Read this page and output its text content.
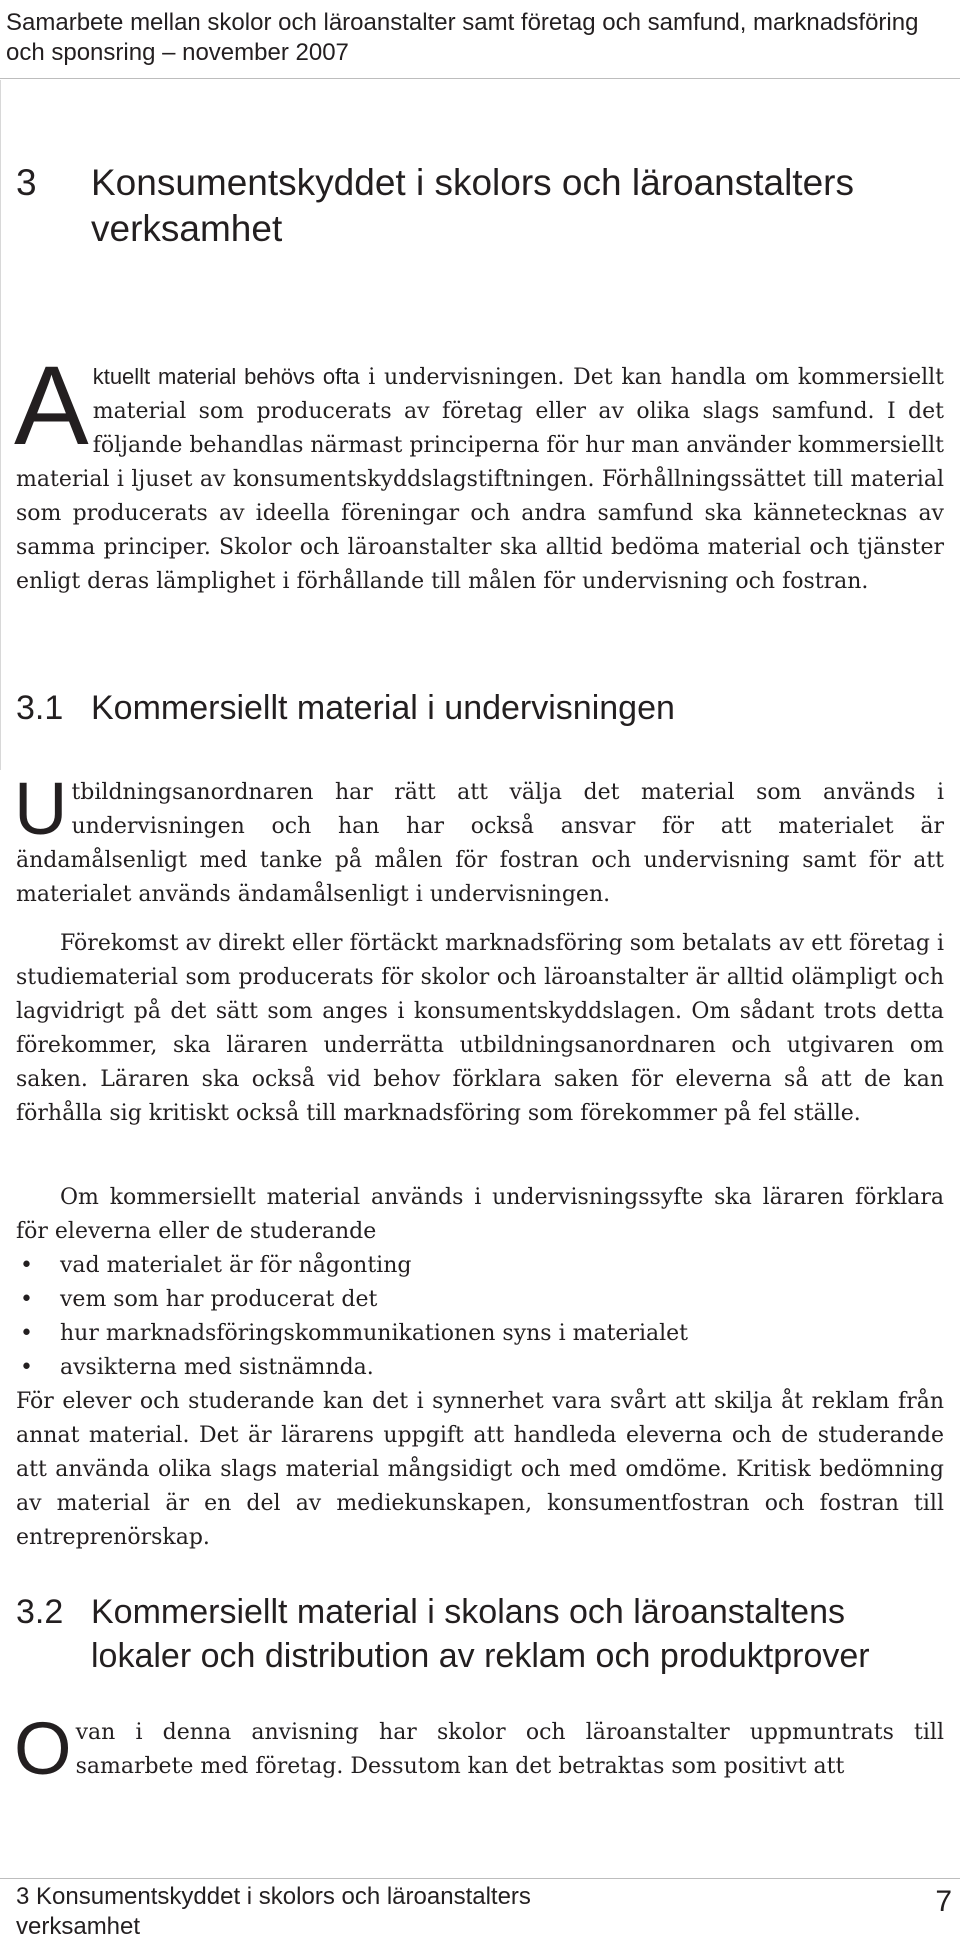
Samarbete mellan skolor och läroanstalter samt företag och samfund, marknadsföring och sponsring – november 2007
3 Konsumentskyddet i skolors och läroanstalters verksamhet

Aktuellt material behövs ofta i undervisningen. Det kan handla om kommersiellt material som producerats av företag eller av olika slags samfund. I det följande behandlas närmast principerna för hur man använder kommersiellt material i ljuset av konsumentskyddslagstiftningen. Förhållningssättet till material som producerats av ideella föreningar och andra samfund ska kännetecknas av samma principer. Skolor och läroanstalter ska alltid bedöma material och tjänster enligt deras lämplighet i förhållande till målen för undervisning och fostran.

3.1 Kommersiellt material i undervisningen

Utbildningsanordnaren har rätt att välja det material som används i undervisningen och han har också ansvar för att materialet är ändamålsenligt med tanke på målen för fostran och undervisning samt för att materialet används ändamålsenligt i undervisningen.

Förekomst av direkt eller förtäckt marknadsföring som betalats av ett företag i studiematerial som producerats för skolor och läroanstalter är alltid olämpligt och lagvidrigt på det sätt som anges i konsumentskyddslagen. Om sådant trots detta förekommer, ska läraren underrätta utbildningsanordnaren och utgivaren om saken. Läraren ska också vid behov förklara saken för eleverna så att de kan förhålla sig kritiskt också till marknadsföring som förekommer på fel ställe.

Om kommersiellt material används i undervisningssyfte ska läraren förklara för eleverna eller de studerande

• vad materialet är för någonting
• vem som har producerat det
• hur marknadsföringskommunikationen syns i materialet
• avsikterna med sistnämnda.

För elever och studerande kan det i synnerhet vara svårt att skilja åt reklam från annat material. Det är lärarens uppgift att handleda eleverna och de studerande att använda olika slags material mångsidigt och med omdöme. Kritisk bedömning av material är en del av mediekunskapen, konsumentfostran och fostran till entreprenörskap.

3.2 Kommersiellt material i skolans och läroanstaltens lokaler och distribution av reklam och produktprover

Ovan i denna anvisning har skolor och läroanstalter uppmuntrats till samarbete med företag. Dessutom kan det betraktas som positivt att

3 Konsumentskyddet i skolors och läroanstalters verksamhet
7
